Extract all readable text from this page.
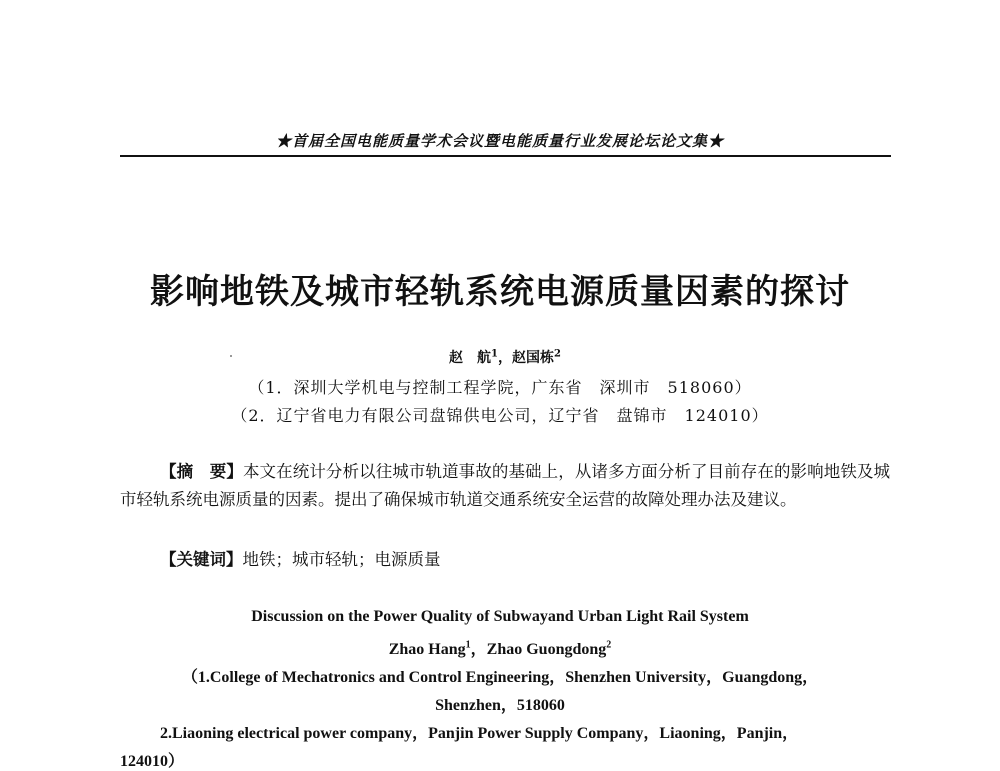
★首届全国电能质量学术会议暨电能质量行业发展论坛论文集★
影响地铁及城市轻轨系统电源质量因素的探讨
赵　航$^1$，赵国栋$^2$
（1．深圳大学机电与控制工程学院，广东省　深圳市　518060）
（2．辽宁省电力有限公司盘锦供电公司，辽宁省　盘锦市　124010）
【摘　要】本文在统计分析以往城市轨道事故的基础上，从诸多方面分析了目前存在的影响地铁及城市轻轨系统电源质量的因素。提出了确保城市轨道交通系统安全运营的故障处理办法及建议。
【关键词】地铁；城市轻轨；电源质量
Discussion on the Power Quality of Subwayand Urban Light Rail System
Zhao Hang$^1$，Zhao Guongdong$^2$
（1.College of Mechatronics and Control Engineering，Shenzhen University，Guangdong，
Shenzhen，518060
2.Liaoning electrical power company，Panjin Power Supply Company，Liaoning，Panjin，
124010）
